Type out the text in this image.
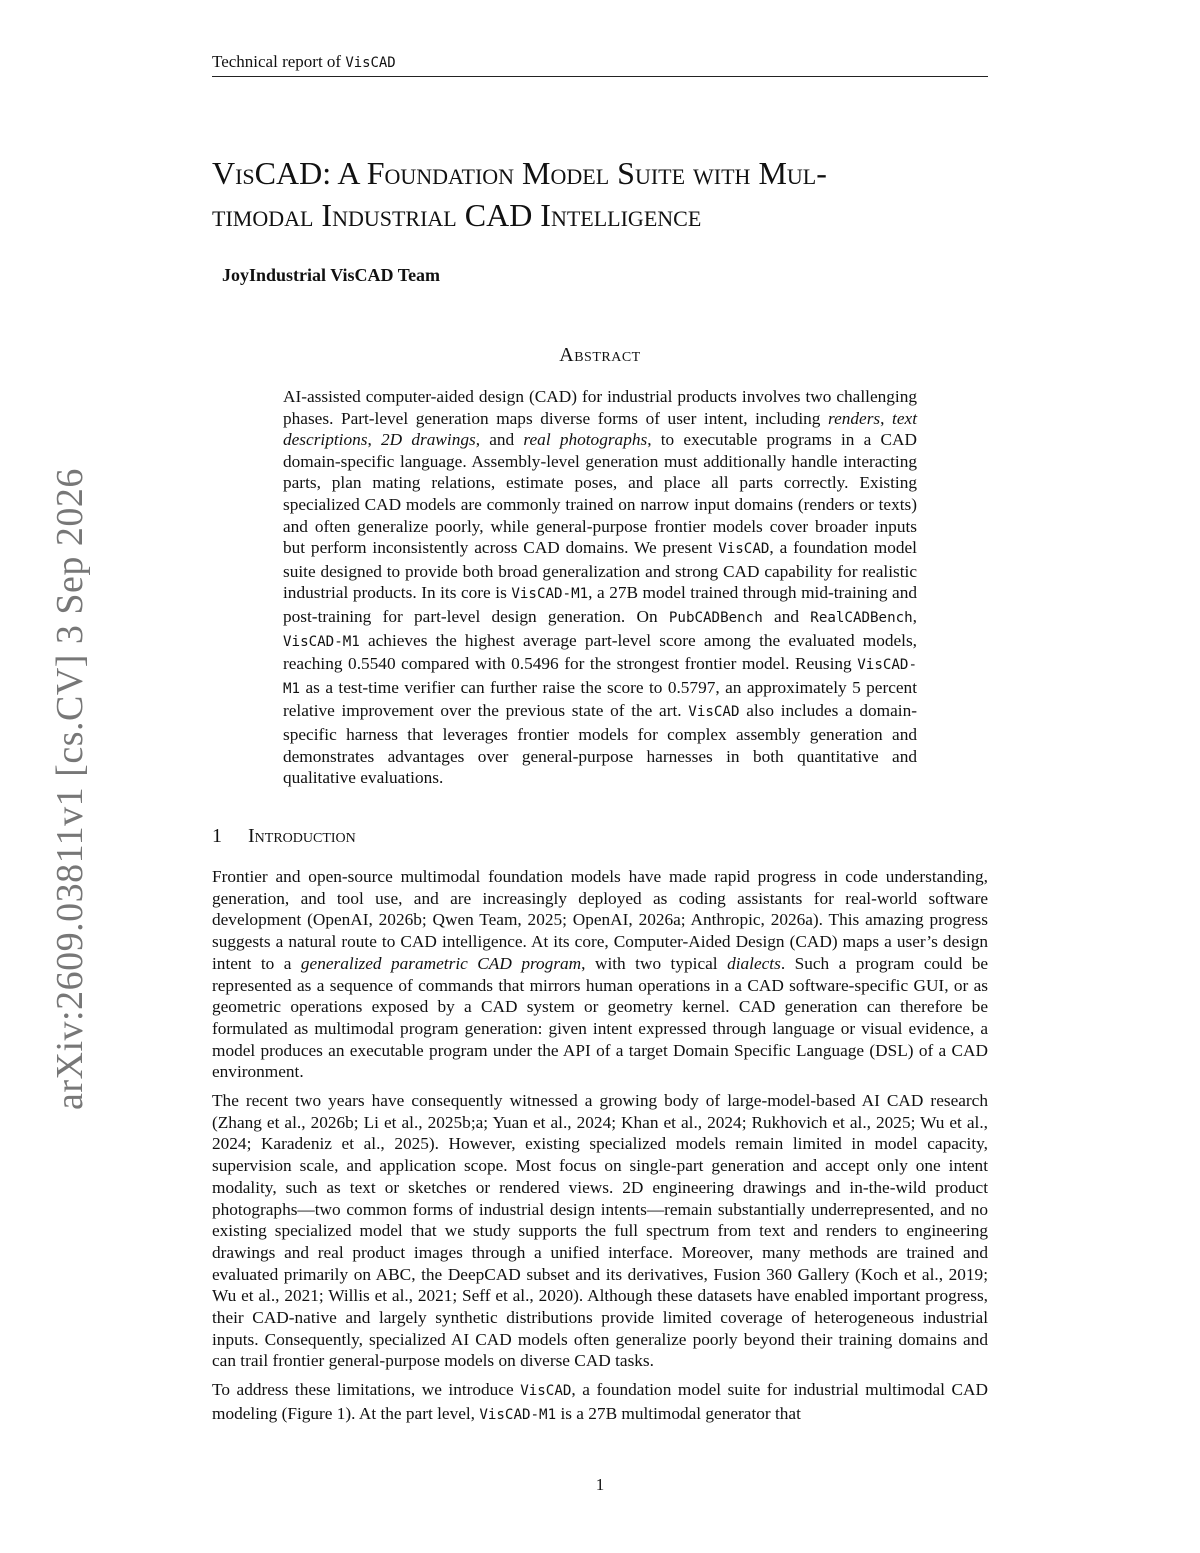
Technical report of VisCAD
arXiv:2609.03811v1 [cs.CV] 3 Sep 2026
VisCAD: A Foundation Model Suite with Mul-
timodal Industrial CAD Intelligence
JoyIndustrial VisCAD Team
Abstract

AI-assisted computer-aided design (CAD) for industrial products involves two challenging phases. Part-level generation maps diverse forms of user intent, including renders, text descriptions, 2D drawings, and real photographs, to executable programs in a CAD domain-specific language. Assembly-level generation must additionally handle interacting parts, plan mating relations, estimate poses, and place all parts correctly. Existing specialized CAD models are commonly trained on narrow input domains (renders or texts) and often generalize poorly, while general-purpose frontier models cover broader inputs but perform inconsistently across CAD domains. We present VisCAD, a foundation model suite designed to provide both broad generalization and strong CAD capability for realistic industrial products. In its core is VisCAD-M1, a 27B model trained through mid-training and post-training for part-level design generation. On PubCADBench and RealCADBench, VisCAD-M1 achieves the highest average part-level score among the evaluated models, reaching 0.5540 compared with 0.5496 for the strongest frontier model. Reusing VisCAD-M1 as a test-time verifier can further raise the score to 0.5797, an approximately 5 percent relative improvement over the previous state of the art. VisCAD also includes a domain-specific harness that leverages frontier models for complex assembly generation and demonstrates advantages over general-purpose harnesses in both quantitative and qualitative evaluations.

1 Introduction

Frontier and open-source multimodal foundation models have made rapid progress in code understanding, generation, and tool use, and are increasingly deployed as coding assistants for real-world software development (OpenAI, 2026b; Qwen Team, 2025; OpenAI, 2026a; Anthropic, 2026a). This amazing progress suggests a natural route to CAD intelligence. At its core, Computer-Aided Design (CAD) maps a user’s design intent to a generalized parametric CAD program, with two typical dialects. Such a program could be represented as a sequence of commands that mirrors human operations in a CAD software-specific GUI, or as geometric operations exposed by a CAD system or geometry kernel. CAD generation can therefore be formulated as multimodal program generation: given intent expressed through language or visual evidence, a model produces an executable program under the API of a target Domain Specific Language (DSL) of a CAD environment.

The recent two years have consequently witnessed a growing body of large-model-based AI CAD research (Zhang et al., 2026b; Li et al., 2025b;a; Yuan et al., 2024; Khan et al., 2024; Rukhovich et al., 2025; Wu et al., 2024; Karadeniz et al., 2025). However, existing specialized models remain limited in model capacity, supervision scale, and application scope. Most focus on single-part generation and accept only one intent modality, such as text or sketches or rendered views. 2D engineering drawings and in-the-wild product photographs—two common forms of industrial design intents—remain substantially underrepresented, and no existing specialized model that we study supports the full spectrum from text and renders to engineering drawings and real product images through a unified interface. Moreover, many methods are trained and evaluated primarily on ABC, the DeepCAD subset and its derivatives, Fusion 360 Gallery (Koch et al., 2019; Wu et al., 2021; Willis et al., 2021; Seff et al., 2020). Although these datasets have enabled important progress, their CAD-native and largely synthetic distributions provide limited coverage of heterogeneous industrial inputs. Consequently, specialized AI CAD models often generalize poorly beyond their training domains and can trail frontier general-purpose models on diverse CAD tasks.

To address these limitations, we introduce VisCAD, a foundation model suite for industrial multimodal CAD modeling (Figure 1). At the part level, VisCAD-M1 is a 27B multimodal generator that

1
